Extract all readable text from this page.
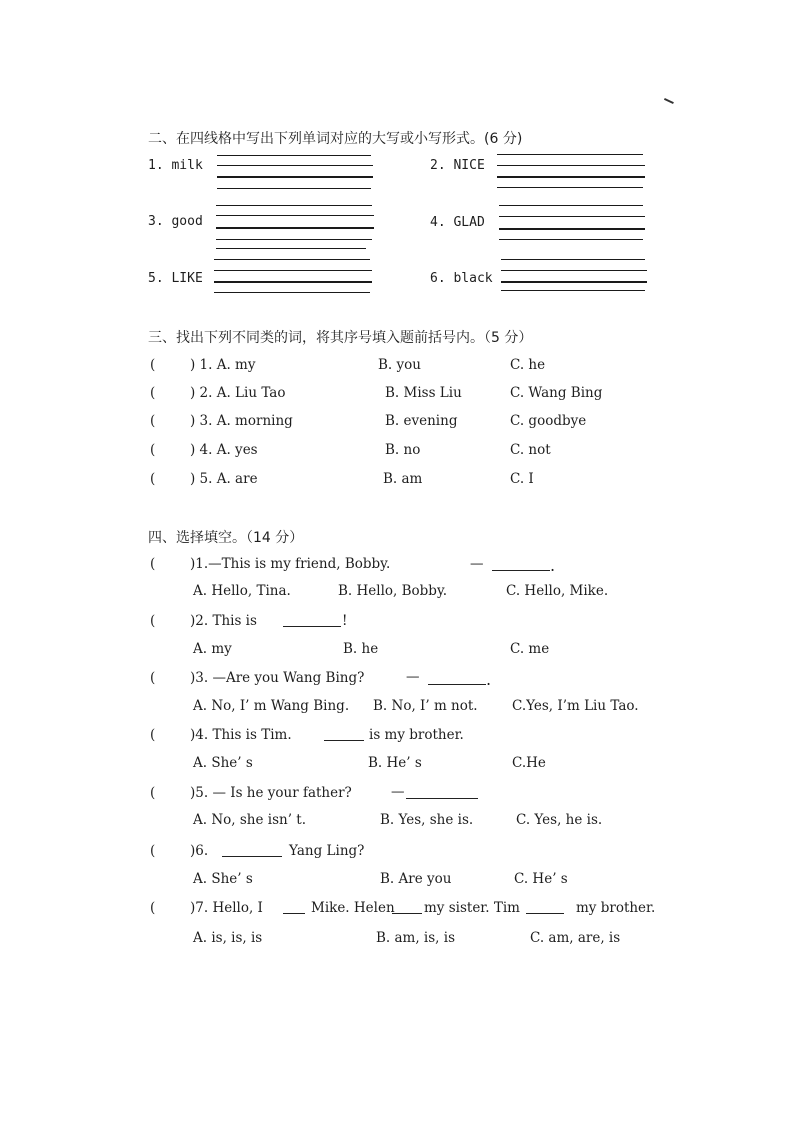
二、在四线格中写出下列单词对应的大写或小写形式。(6 分)
1. milk	2. NICE
3. good	4. GLAD
5. LIKE	6. black
三、找出下列不同类的词，将其序号填入题前括号内。（5 分）
(	) 1. A. my	B. you	C. he
(	) 2. A. Liu Tao	B. Miss Liu	C. Wang Bing
(	) 3. A. morning	B. evening	C. goodbye
(	) 4. A. yes	B. no	C. not
(	) 5. A. are	B. am	C. I
四、选择填空。（14 分）
(	)1.—This is my friend, Bobby.	—	.
A. Hello, Tina.	B. Hello, Bobby.	C. Hello, Mike.
(	)2. This is	!
A. my	B. he	C. me
(	)3. —Are you Wang Bing?	—	.
A. No, I’ m Wang Bing. B. No, I’ m not.	C.Yes, I’m Liu Tao.
(	)4. This is Tim.	is my brother.
A. She’ s	B. He’ s	C.He
(	)5. — Is he your father?	—
A. No, she isn’ t.	B. Yes, she is.	C. Yes, he is.
(	)6.	Yang Ling?
A. She’ s	B. Are you	C. He’ s
(	)7. Hello, I	Mike. Helen my sister. Tim	my brother.
A. is, is, is	B. am, is, is	C. am, are, is
